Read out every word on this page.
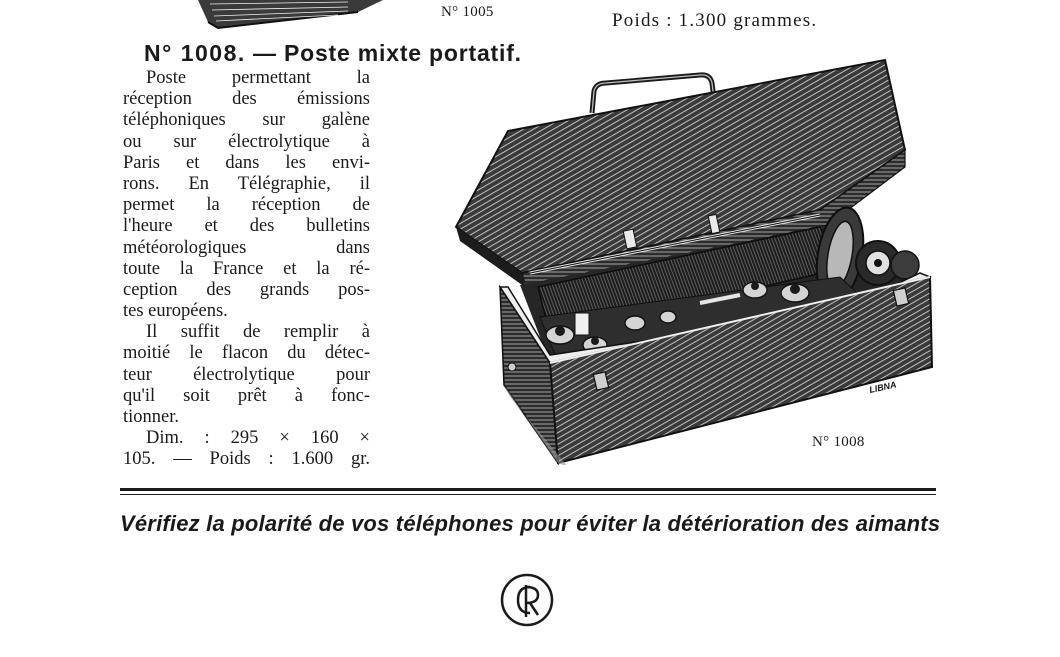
N° 1005	Poids : 1.300 grammes.
N° 1008. — Poste mixte portatif.
Poste permettant la
réception des émissions
téléphoniques sur galène
ou sur électrolytique à
Paris et dans les envi-
rons. En Télégraphie, il
permet la réception de
l'heure et des bulletins
météorologiques dans
toute la France et la ré-
ception des grands pos-
tes européens.
Il suffit de remplir à
moitié le flacon du détec-
teur électrolytique pour
qu'il soit prêt à fonc-
tionner.
Dim. : 295 × 160 ×
105. — Poids : 1.600 gr.
LIBNA
N° 1008
Vérifiez la polarité de vos téléphones pour éviter la détérioration des aimants
